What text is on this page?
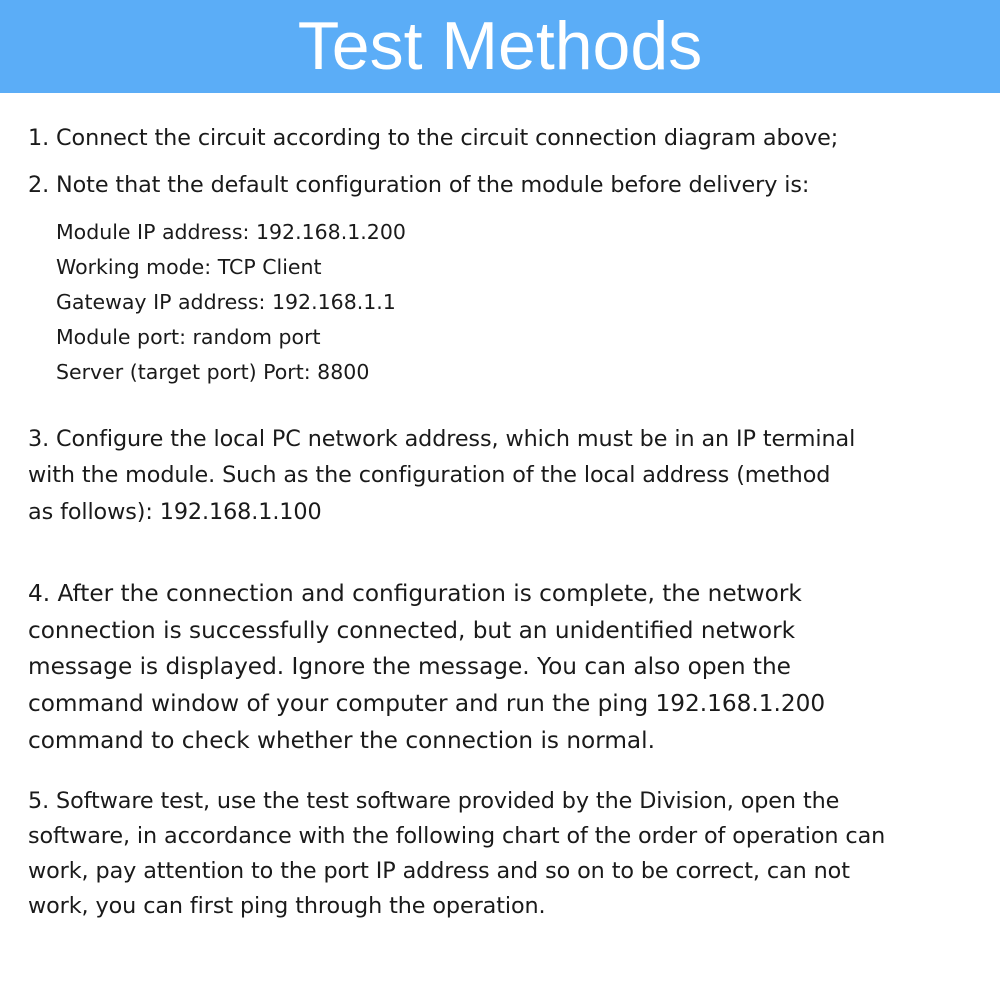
Test Methods
1. Connect the circuit according to the circuit connection diagram above;
2. Note that the default configuration of the module before delivery is:
Module IP address: 192.168.1.200
Working mode: TCP Client
Gateway IP address: 192.168.1.1
Module port: random port
Server (target port) Port: 8800
3. Configure the local PC network address, which must be in an IP terminal
with the module. Such as the configuration of the local address (method
as follows): 192.168.1.100
4. After the connection and configuration is complete, the network
connection is successfully connected, but an unidentified network
message is displayed. Ignore the message. You can also open the
command window of your computer and run the ping 192.168.1.200
command to check whether the connection is normal.
5. Software test, use the test software provided by the Division, open the
software, in accordance with the following chart of the order of operation can
work, pay attention to the port IP address and so on to be correct, can not
work, you can first ping through the operation.
